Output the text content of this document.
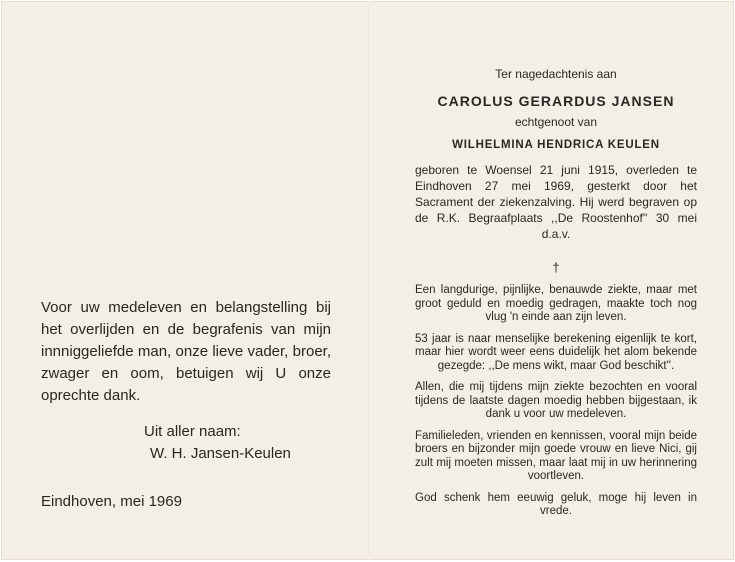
Voor uw medeleven en belangstelling bij het overlijden en de begrafenis van mijn innniggeliefde man, onze lieve vader, broer, zwager en oom, betuigen wij U onze oprechte dank.

Uit aller naam:
W. H. Jansen-Keulen
Eindhoven, mei 1969
Ter nagedachtenis aan
CAROLUS GERARDUS JANSEN
echtgenoot van
WILHELMINA HENDRICA KEULEN

geboren te Woensel 21 juni 1915, overleden te Eindhoven 27 mei 1969, gesterkt door het Sacrament der ziekenzalving. Hij werd begraven op de R.K. Begraafplaats ,,De Roostenhof'' 30 mei d.a.v.

†

Een langdurige, pijnlijke, benauwde ziekte, maar met groot geduld en moedig gedragen, maakte toch nog vlug 'n einde aan zijn leven.

53 jaar is naar menselijke berekening eigenlijk te kort, maar hier wordt weer eens duidelijk het alom bekende gezegde: ,,De mens wikt, maar God beschikt''.

Allen, die mij tijdens mijn ziekte bezochten en vooral tijdens de laatste dagen moedig hebben bijgestaan, ik dank u voor uw medeleven.

Familieleden, vrienden en kennissen, vooral mijn beide broers en bijzonder mijn goede vrouw en lieve Nici, gij zult mij moeten missen, maar laat mij in uw herinnering voortleven.

God schenk hem eeuwig geluk, moge hij leven in vrede.
